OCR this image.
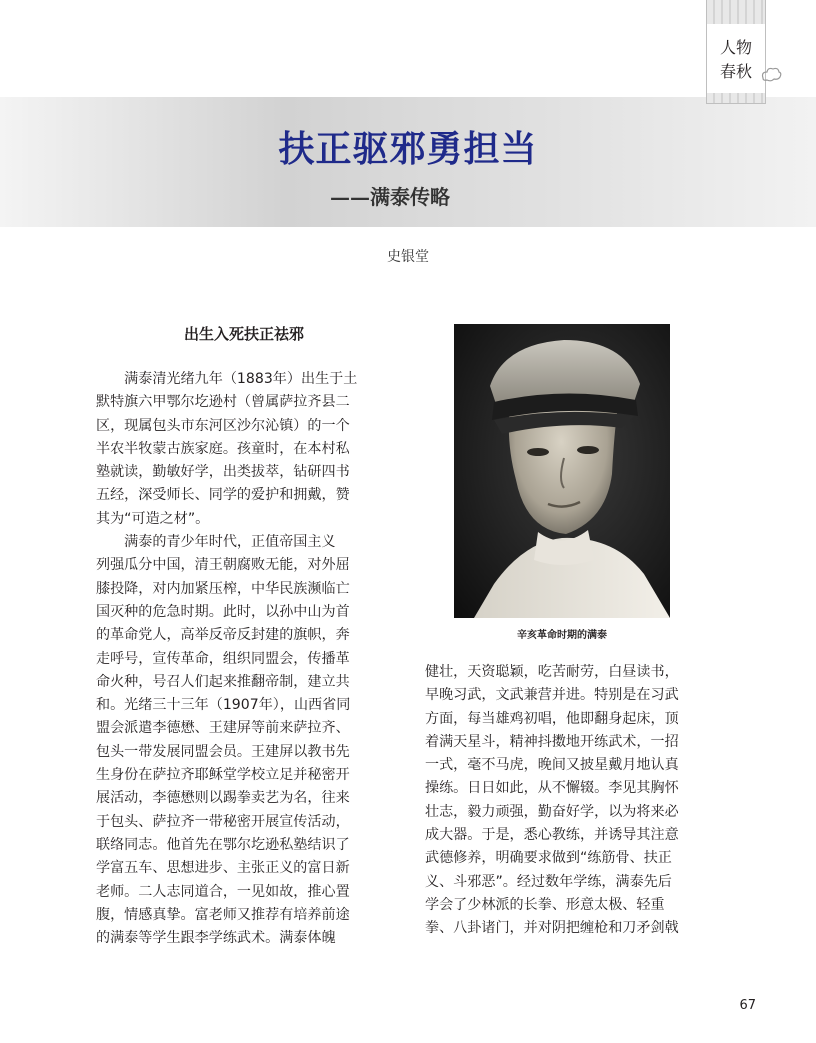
人物
春秋
扶正驱邪勇担当
——满泰传略
史银堂
出生入死扶正祛邪
　　满泰清光绪九年（1883年）出生于土
默特旗六甲鄂尔圪逊村（曾属萨拉齐县二
区，现属包头市东河区沙尔沁镇）的一个
半农半牧蒙古族家庭。孩童时，在本村私
塾就读，勤敏好学，出类拔萃，钻研四书
五经，深受师长、同学的爱护和拥戴，赞
其为“可造之材”。
　　满泰的青少年时代，正值帝国主义
列强瓜分中国，清王朝腐败无能，对外屈
膝投降，对内加紧压榨，中华民族濒临亡
国灭种的危急时期。此时，以孙中山为首
的革命党人，高举反帝反封建的旗帜，奔
走呼号，宣传革命，组织同盟会，传播革
命火种，号召人们起来推翻帝制，建立共
和。光绪三十三年（1907年），山西省同
盟会派遣李德懋、王建屏等前来萨拉齐、
包头一带发展同盟会员。王建屏以教书先
生身份在萨拉齐耶稣堂学校立足并秘密开
展活动，李德懋则以踢拳卖艺为名，往来
于包头、萨拉齐一带秘密开展宣传活动，
联络同志。他首先在鄂尔圪逊私塾结识了
学富五车、思想进步、主张正义的富日新
老师。二人志同道合，一见如故，推心置
腹，情感真挚。富老师又推荐有培养前途
的满泰等学生跟李学练武术。满泰体魄
健壮，天资聪颖，吃苦耐劳，白昼读书，
早晚习武，文武兼营并进。特别是在习武
方面，每当雄鸡初唱，他即翻身起床，顶
着满天星斗，精神抖擞地开练武术，一招
一式，毫不马虎，晚间又披星戴月地认真
操练。日日如此，从不懈辍。李见其胸怀
壮志，毅力顽强，勤奋好学，以为将来必
成大器。于是，悉心教练，并诱导其注意
武德修养，明确要求做到“练筋骨、扶正
义、斗邪恶”。经过数年学练，满泰先后
学会了少林派的长拳、形意太极、轻重
拳、八卦诸门，并对阴把缠枪和刀矛剑戟
辛亥革命时期的满泰
67
